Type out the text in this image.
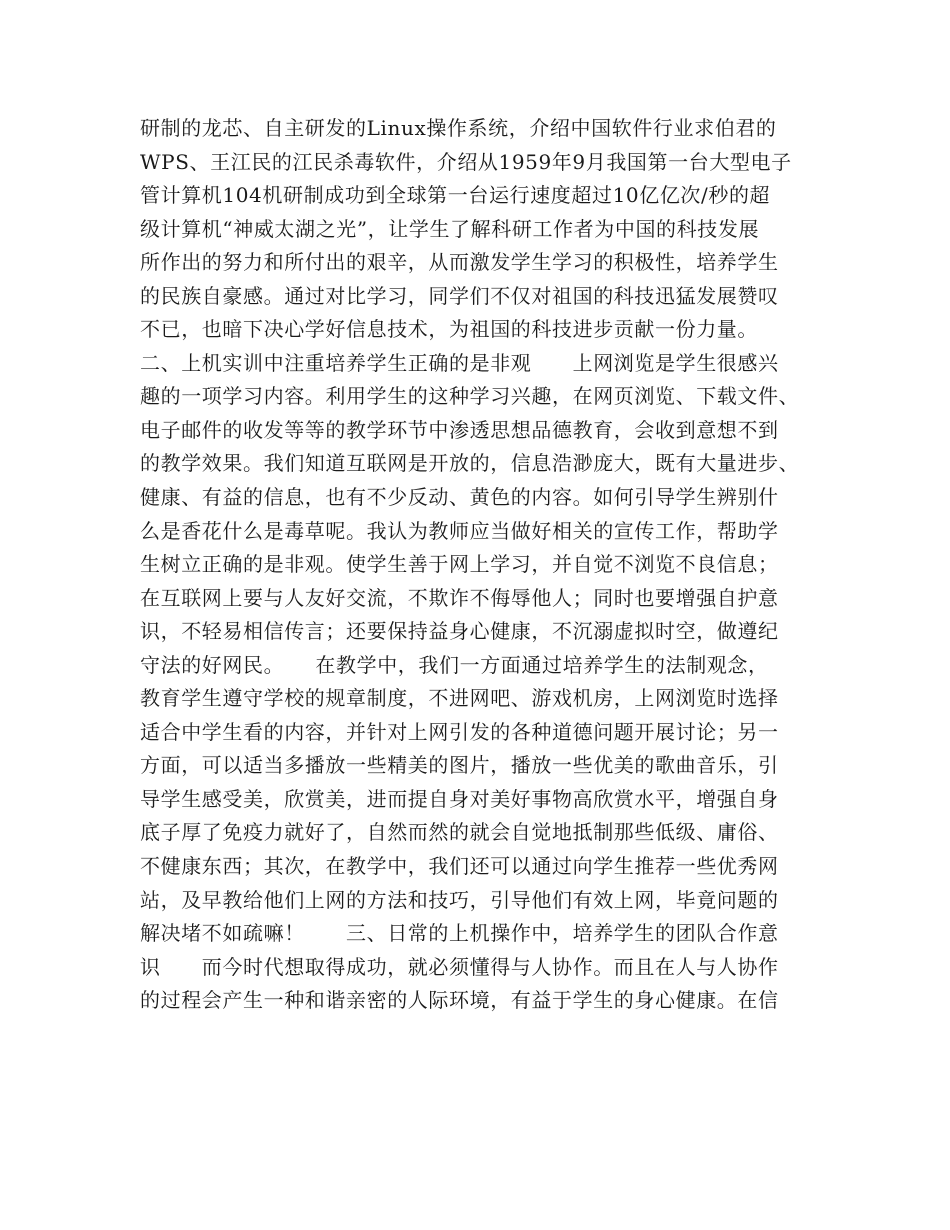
研制的龙芯、自主研发的Linux操作系统，介绍中国软件行业求伯君的
WPS、王江民的江民杀毒软件，介绍从1959年9月我国第一台大型电子
管计算机104机研制成功到全球第一台运行速度超过10亿亿次/秒的超
级计算机“神威太湖之光”，让学生了解科研工作者为中国的科技发展
所作出的努力和所付出的艰辛，从而激发学生学习的积极性，培养学生
的民族自豪感。通过对比学习，同学们不仅对祖国的科技迅猛发展赞叹
不已，也暗下决心学好信息技术，为祖国的科技进步贡献一份力量。
二、上机实训中注重培养学生正确的是非观　　上网浏览是学生很感兴
趣的一项学习内容。利用学生的这种学习兴趣，在网页浏览、下载文件、
电子邮件的收发等等的教学环节中渗透思想品德教育，会收到意想不到
的教学效果。我们知道互联网是开放的，信息浩渺庞大，既有大量进步、
健康、有益的信息，也有不少反动、黄色的内容。如何引导学生辨别什
么是香花什么是毒草呢。我认为教师应当做好相关的宣传工作，帮助学
生树立正确的是非观。使学生善于网上学习，并自觉不浏览不良信息；
在互联网上要与人友好交流，不欺诈不侮辱他人；同时也要增强自护意
识，不轻易相信传言；还要保持益身心健康，不沉溺虚拟时空，做遵纪
守法的好网民。　　在教学中，我们一方面通过培养学生的法制观念，
教育学生遵守学校的规章制度，不进网吧、游戏机房，上网浏览时选择
适合中学生看的内容，并针对上网引发的各种道德问题开展讨论；另一
方面，可以适当多播放一些精美的图片，播放一些优美的歌曲音乐，引
导学生感受美，欣赏美，进而提自身对美好事物高欣赏水平，增强自身
底子厚了免疫力就好了，自然而然的就会自觉地抵制那些低级、庸俗、
不健康东西；其次，在教学中，我们还可以通过向学生推荐一些优秀网
站，及早教给他们上网的方法和技巧，引导他们有效上网，毕竟问题的
解决堵不如疏嘛！　　三、日常的上机操作中，培养学生的团队合作意
识　　而今时代想取得成功，就必须懂得与人协作。而且在人与人协作
的过程会产生一种和谐亲密的人际环境，有益于学生的身心健康。在信
